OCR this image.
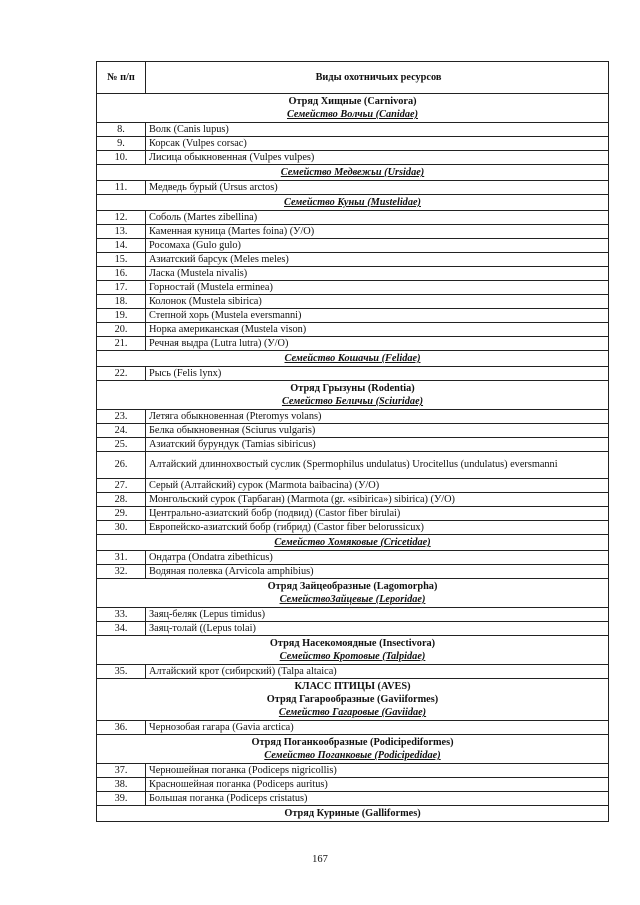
№ п/п	Виды охотничьих ресурсов

Отряд Хищные (Carnivora)
Семейство Волчьи (Canidae)	

8.	Волк (Canis lupus)
9.	Корсак (Vulpes corsac)
10.	Лисица обыкновенная (Vulpes vulpes)

Семейство Медвежьи (Ursidae)	

11.	Медведь бурый (Ursus arctos)

Семейство Куньи (Mustelidae)	

12.	Соболь (Martes zibellina)
13.	Каменная куница (Martes foina) (У/О)
14.	Росомаха (Gulo gulo)
15.	Азиатский барсук (Meles meles)
16.	Ласка (Mustela nivalis)
17.	Горностай (Mustela erminea)
18.	Колонок (Mustela sibirica)
19.	Степной хорь (Mustela eversmanni)
20.	Норка американская (Mustela vison)
21.	Речная выдра (Lutra lutra) (У/О)

Семейство Кошачьи (Felidae)	

22.	Рысь (Felis lynx)

Отряд Грызуны (Rodentia)
Семейство Беличьи (Sciuridae)	

23.	Летяга обыкновенная (Pteromys volans)
24.	Белка обыкновенная (Sciurus vulgaris)
25.	Азиатский бурундук (Tamias sibiricus)
26.	Алтайский длиннохвостый суслик (Spermophilus undulatus) Urocitellus (undulatus) eversmanni
27.	Серый (Алтайский) сурок (Marmota baibacina) (У/О)
28.	Монгольский сурок (Тарбаган) (Marmota (gr. «sibirica») sibirica) (У/О)
29.	Центрально-азиатский бобр (подвид) (Castor fiber birulai)
30.	Европейско-азиатский бобр (гибрид) (Castor fiber belorussicux)

Семейство Хомяковые (Cricetidae)	

31.	Ондатра (Ondatra zibethicus)
32.	Водяная полевка (Arvicola amphibius)

Отряд Зайцеобразные (Lagomorpha)
СемействоЗайцевые (Leporidae)	

33.	Заяц-беляк (Lepus timidus)
34.	Заяц-толай ((Lepus tolai)

Отряд Насекомоядные (Insectivora)
Семейство Кротовые (Talpidae)	

35.	Алтайский крот (сибирский) (Talpa altaica)

КЛАСС ПТИЦЫ (AVES)
Отряд Гагарообразные (Gaviiformes)
Семейство Гагаровые (Gaviidae)	

36.	Чернозобая гагара (Gavia arctica)

Отряд Поганкообразные (Podicipediformes)
Семейство Поганковые (Podicipedidae)	

37.	Черношейная поганка (Podiceps nigricollis)
38.	Красношейная поганка (Podiceps auritus)
39.	Большая поганка (Podiceps cristatus)

Отряд Куриные (Galliformes)	
167
